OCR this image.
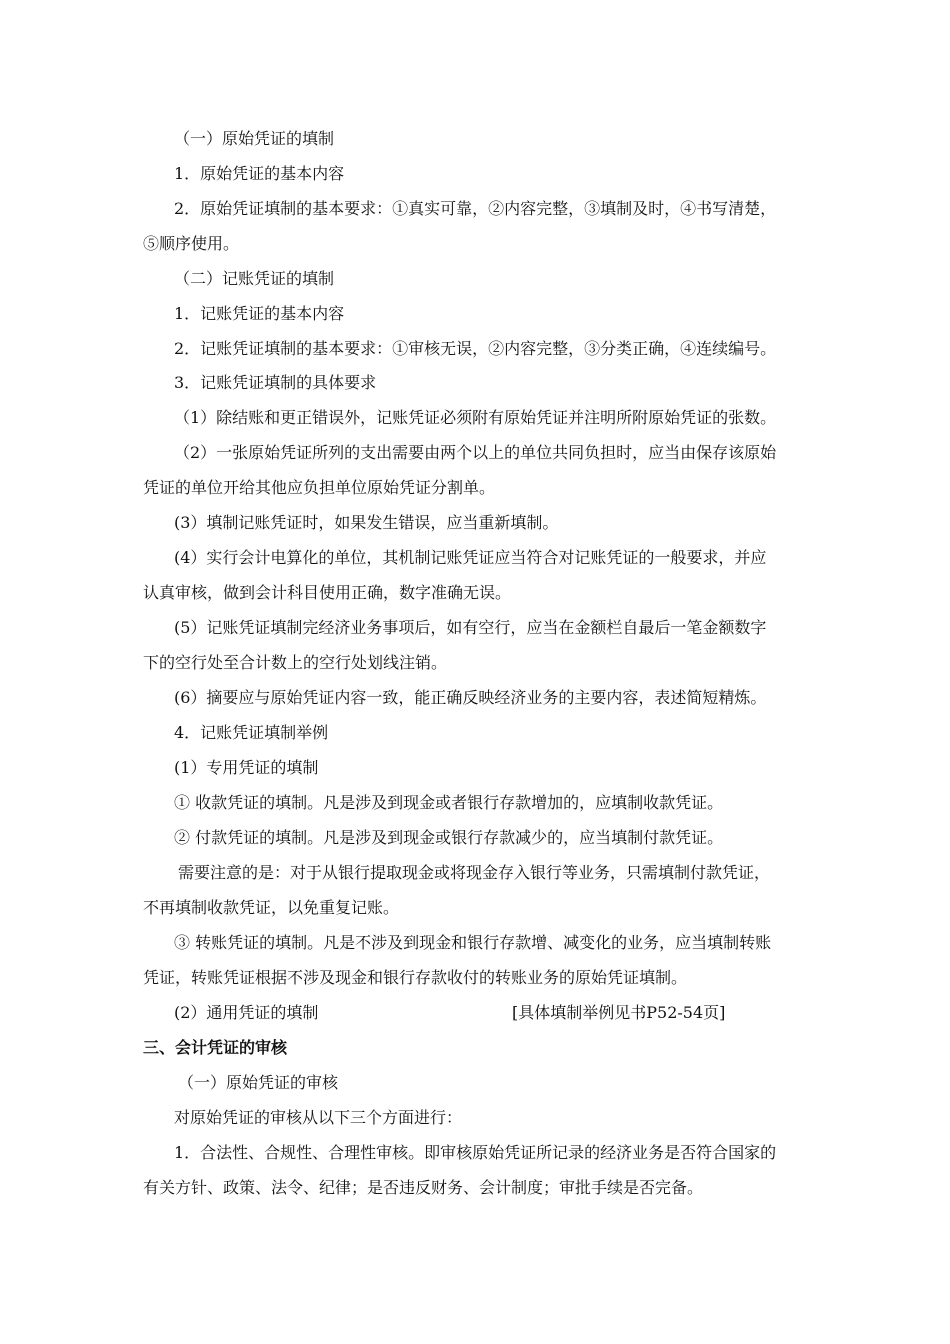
（一）原始凭证的填制
1．原始凭证的基本内容
2．原始凭证填制的基本要求：①真实可靠，②内容完整，③填制及时，④书写清楚，
⑤顺序使用。
（二）记账凭证的填制
1．记账凭证的基本内容
2．记账凭证填制的基本要求：①审核无误，②内容完整，③分类正确，④连续编号。
3．记账凭证填制的具体要求
（1）除结账和更正错误外，记账凭证必须附有原始凭证并注明所附原始凭证的张数。
（2）一张原始凭证所列的支出需要由两个以上的单位共同负担时，应当由保存该原始
凭证的单位开给其他应负担单位原始凭证分割单。
(3）填制记账凭证时，如果发生错误，应当重新填制。
(4）实行会计电算化的单位，其机制记账凭证应当符合对记账凭证的一般要求，并应
认真审核，做到会计科目使用正确，数字准确无误。
(5）记账凭证填制完经济业务事项后，如有空行，应当在金额栏自最后一笔金额数字
下的空行处至合计数上的空行处划线注销。
(6）摘要应与原始凭证内容一致，能正确反映经济业务的主要内容，表述简短精炼。
4．记账凭证填制举例
(1）专用凭证的填制
① 收款凭证的填制。凡是涉及到现金或者银行存款增加的，应填制收款凭证。
② 付款凭证的填制。凡是涉及到现金或银行存款减少的，应当填制付款凭证。
需要注意的是：对于从银行提取现金或将现金存入银行等业务，只需填制付款凭证，
不再填制收款凭证，以免重复记账。
③ 转账凭证的填制。凡是不涉及到现金和银行存款增、减变化的业务，应当填制转账
凭证，转账凭证根据不涉及现金和银行存款收付的转账业务的原始凭证填制。
(2）通用凭证的填制	[具体填制举例见书P52-54页]
三、会计凭证的审核
（一）原始凭证的审核
对原始凭证的审核从以下三个方面进行：
1．合法性、合规性、合理性审核。即审核原始凭证所记录的经济业务是否符合国家的
有关方针、政策、法令、纪律；是否违反财务、会计制度；审批手续是否完备。
